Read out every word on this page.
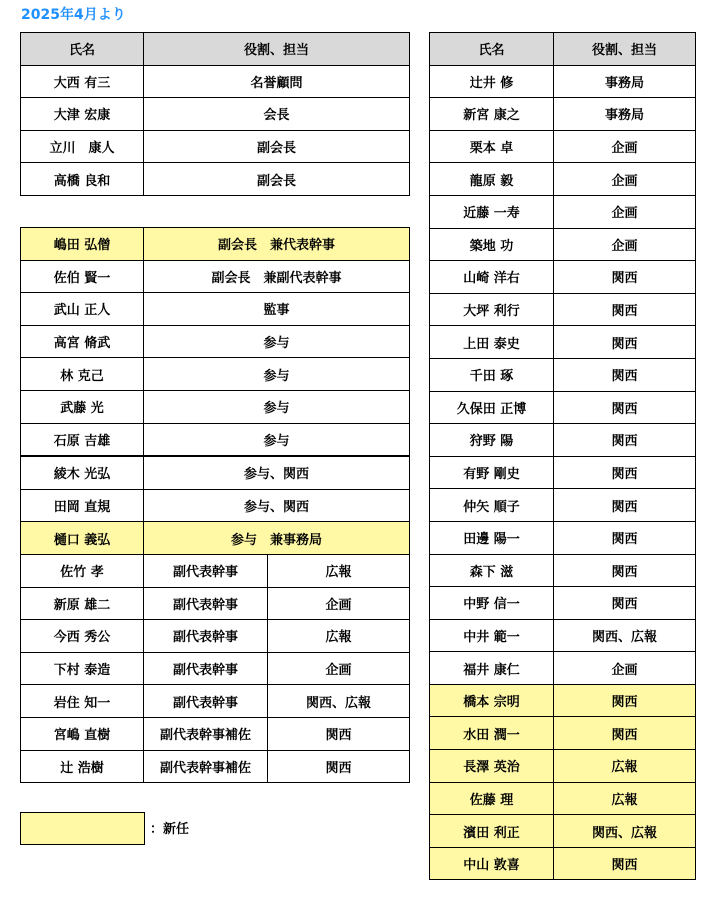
2025年4月より
氏名	役割、担当
大西 有三	名誉顧問
大津 宏康	会長
立川　康人	副会長
高橋 良和	副会長
嶋田 弘僧	副会長　兼代表幹事	
佐伯 賢一	副会長　兼副代表幹事	
武山 正人	監事	
高宮 脩武	参与	
林 克己	参与	
武藤 光	参与	
石原 吉雄	参与	
綾木 光弘	参与、関西	
田岡 直規	参与、関西	
樋口 義弘	参与　兼事務局	
佐竹 孝	副代表幹事	広報
新原 雄二	副代表幹事	企画
今西 秀公	副代表幹事	広報
下村 泰造	副代表幹事	企画
岩住 知一	副代表幹事	関西、広報
宮嶋 直樹	副代表幹事補佐	関西
辻 浩樹	副代表幹事補佐	関西
氏名	役割、担当
辻井 修	事務局
新宮 康之	事務局
栗本 卓	企画
龍原 毅	企画
近藤 一寿	企画
築地 功	企画
山崎 洋右	関西
大坪 利行	関西
上田 泰史	関西
千田 琢	関西
久保田 正博	関西
狩野 陽	関西
有野 剛史	関西
仲矢 順子	関西
田邊 陽一	関西
森下 滋	関西
中野 信一	関西
中井 範一	関西、広報
福井 康仁	企画
橋本 宗明	関西
水田 潤一	関西
長澤 英治	広報
佐藤 理	広報
濱田 利正	関西、広報
中山 敦喜	関西
：新任
